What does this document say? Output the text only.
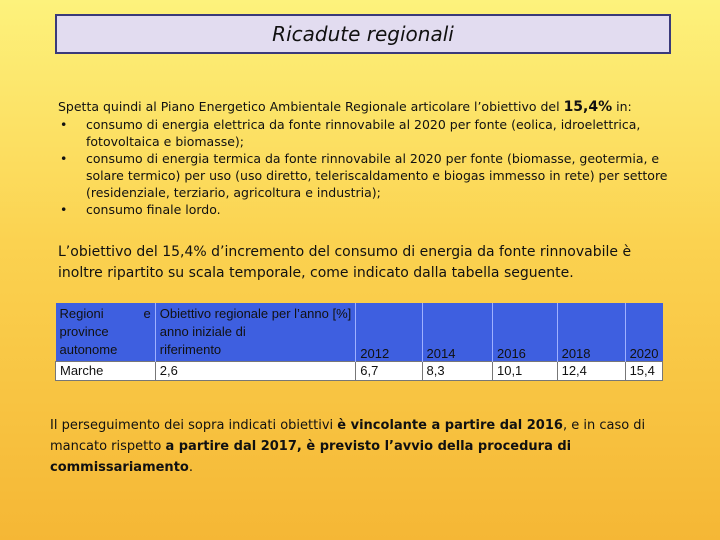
Ricadute regionali
Spetta quindi al Piano Energetico Ambientale Regionale articolare l’obiettivo del 15,4% in:
• consumo di energia elettrica da fonte rinnovabile al 2020 per fonte (eolica, idroelettrica, fotovoltaica e biomasse);
• consumo di energia termica da fonte rinnovabile al 2020 per fonte (biomasse, geotermia, e solare termico) per uso (uso diretto, teleriscaldamento e biogas immesso in rete) per settore (residenziale, terziario, agricoltura e industria);
• consumo finale lordo.
L’obiettivo del 15,4% d’incremento del consumo di energia da fonte rinnovabile è inoltre ripartito su scala temporale, come indicato dalla tabella seguente.
Regioni e
province
autonome	Obiettivo regionale per l’anno [%]
anno iniziale di
riferimento	2012	2014	2016	2018	2020
Marche	2,6	6,7	8,3	10,1	12,4	15,4
Il perseguimento dei sopra indicati obiettivi è vincolante a partire dal 2016, e in caso di mancato rispetto a partire dal 2017, è previsto l’avvio della procedura di commissariamento.
